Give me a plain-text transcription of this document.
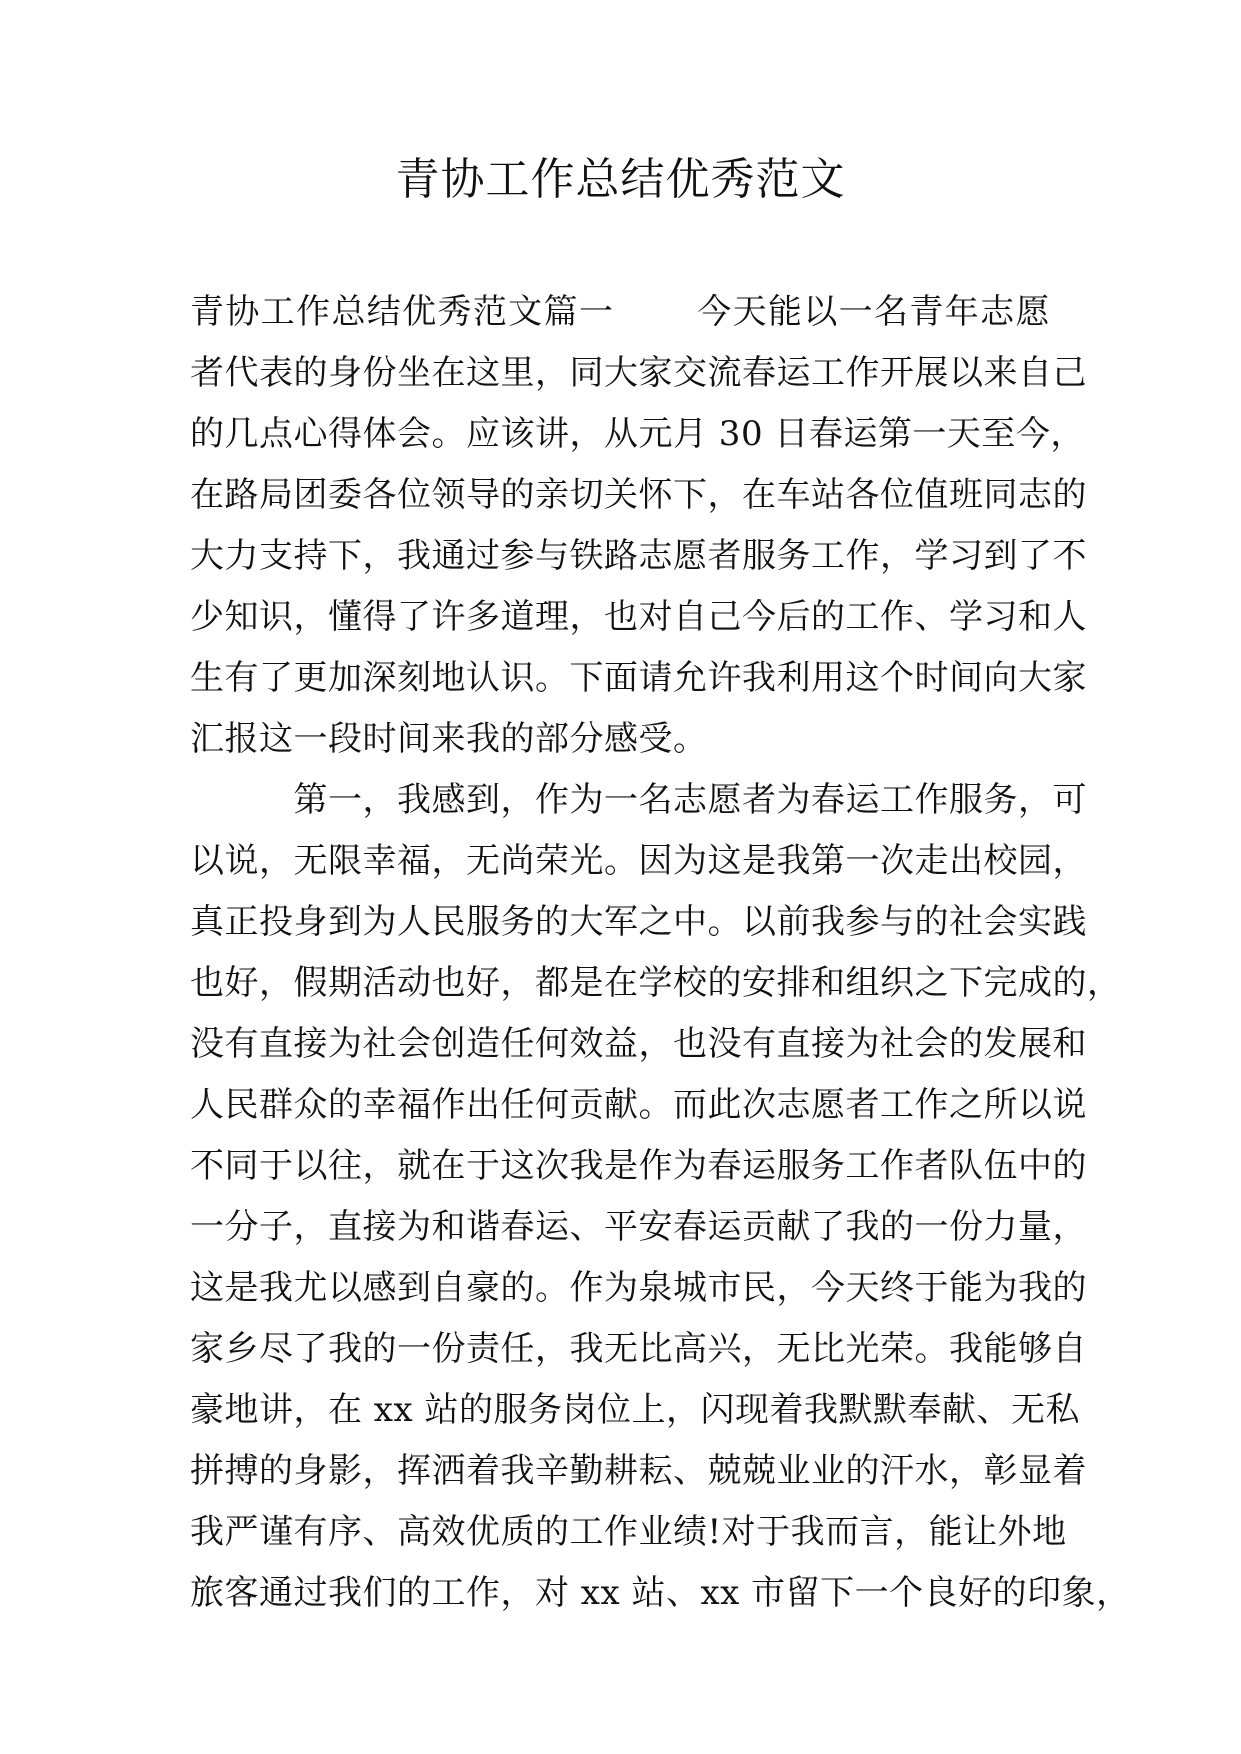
青协工作总结优秀范文
青协工作总结优秀范文篇一　　 今天能以一名青年志愿
者代表的身份坐在这里，同大家交流春运工作开展以来自己
的几点心得体会。应该讲，从元月 30 日春运第一天至今，
在路局团委各位领导的亲切关怀下，在车站各位值班同志的
大力支持下，我通过参与铁路志愿者服务工作，学习到了不
少知识，懂得了许多道理，也对自己今后的工作、学习和人
生有了更加深刻地认识。下面请允许我利用这个时间向大家
汇报这一段时间来我的部分感受。
　　　第一，我感到，作为一名志愿者为春运工作服务，可
以说，无限幸福，无尚荣光。因为这是我第一次走出校园，
真正投身到为人民服务的大军之中。以前我参与的社会实践
也好，假期活动也好，都是在学校的安排和组织之下完成的，
没有直接为社会创造任何效益，也没有直接为社会的发展和
人民群众的幸福作出任何贡献。而此次志愿者工作之所以说
不同于以往，就在于这次我是作为春运服务工作者队伍中的
一分子，直接为和谐春运、平安春运贡献了我的一份力量，
这是我尤以感到自豪的。作为泉城市民，今天终于能为我的
家乡尽了我的一份责任，我无比高兴，无比光荣。我能够自
豪地讲，在 xx 站的服务岗位上，闪现着我默默奉献、无私
拼搏的身影，挥洒着我辛勤耕耘、兢兢业业的汗水，彰显着
我严谨有序、高效优质的工作业绩!对于我而言，能让外地
旅客通过我们的工作，对 xx 站、xx 市留下一个良好的印象，
